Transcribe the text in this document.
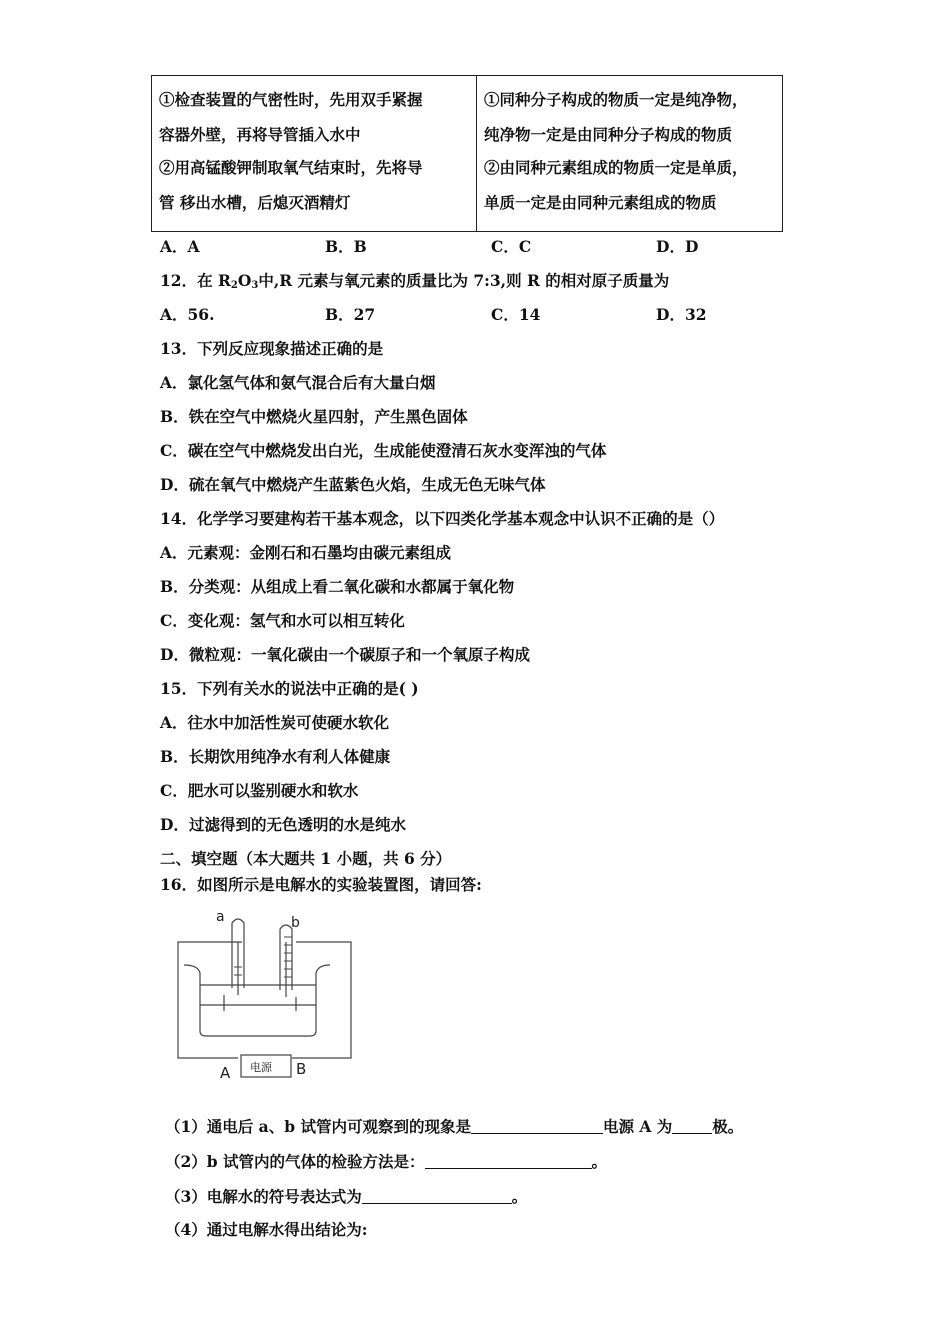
①检查装置的气密性时，先用双手紧握
容器外壁，再将导管插入水中
②用高锰酸钾制取氧气结束时，先将导
管 移出水槽，后熄灭酒精灯

①同种分子构成的物质一定是纯净物，
纯净物一定是由同种分子构成的物质
②由同种元素组成的物质一定是单质，
单质一定是由同种元素组成的物质
A．A	B．B	C．C	D．D
12．在 $R_2O_3$中,R 元素与氧元素的质量比为 7:3,则 R 的相对原子质量为
A．56.	B．27	C．14	D．32
13．下列反应现象描述正确的是
A．氯化氢气体和氨气混合后有大量白烟
B．铁在空气中燃烧火星四射，产生黑色固体
C．碳在空气中燃烧发出白光，生成能使澄清石灰水变浑浊的气体
D．硫在氧气中燃烧产生蓝紫色火焰，生成无色无味气体
14．化学学习要建构若干基本观念，以下四类化学基本观念中认识不正确的是（）
A．元素观：金刚石和石墨均由碳元素组成
B．分类观：从组成上看二氧化碳和水都属于氧化物
C．变化观：氢气和水可以相互转化
D．微粒观：一氧化碳由一个碳原子和一个氧原子构成
15．下列有关水的说法中正确的是( )
A．往水中加活性炭可使硬水软化
B．长期饮用纯净水有利人体健康
C．肥水可以鉴别硬水和软水
D．过滤得到的无色透明的水是纯水
二、填空题（本大题共 1 小题，共 6 分）
16．如图所示是电解水的实验装置图，请回答:
a	b
A	B
电源
（1）通电后 a、b 试管内可观察到的现象是	电源 A 为	极。
（2）b 试管内的气体的检验方法是：	。
（3）电解水的符号表达式为	。
（4）通过电解水得出结论为:
